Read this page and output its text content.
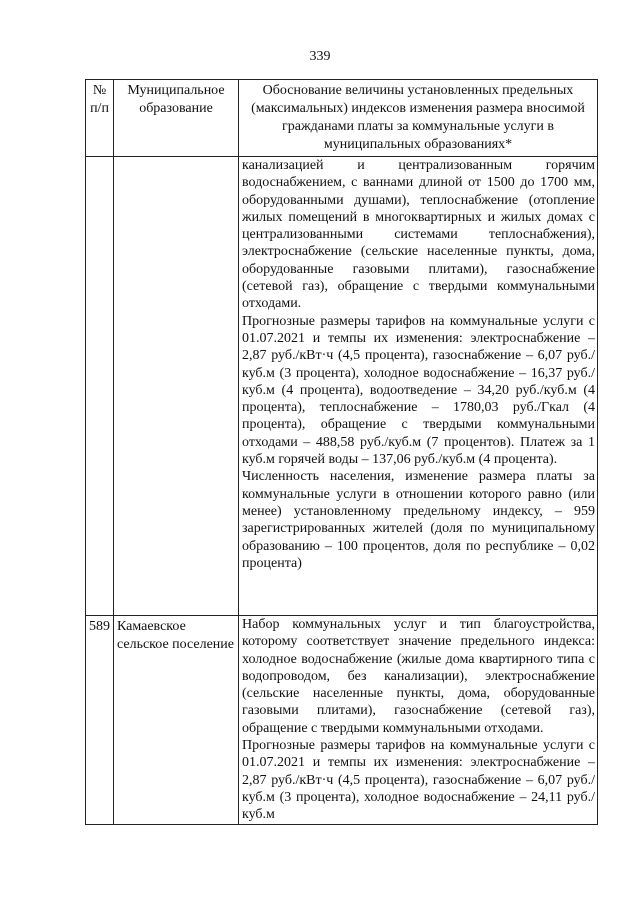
339
№ п/п	Муниципальное образование	Обоснование величины установленных предельных (максимальных) индексов изменения размера вносимой гражданами платы за коммунальные услуги в муниципальных образованиях*

		канализацией и централизованным горячим водоснабжением, с ваннами длиной от 1500 до 1700 мм, оборудованными душами), теплоснабжение (отопление жилых помещений в многоквартирных и жилых домах с централизованными системами теплоснабжения), электроснабжение (сельские населенные пункты, дома, оборудованные газовыми плитами), газоснабжение (сетевой газ), обращение с твердыми коммунальными отходами.

Прогнозные размеры тарифов на коммунальные услуги с 01.07.2021 и темпы их изменения: электроснабжение – 2,87 руб./кВт·ч (4,5 процента), газоснабжение – 6,07 руб./куб.м (3 процента), холодное водоснабжение – 16,37 руб./куб.м (4 процента), водоотведение – 34,20 руб./куб.м (4 процента), теплоснабжение – 1780,03 руб./Гкал (4 процента), обращение с твердыми коммунальными отходами – 488,58 руб./куб.м (7 процентов). Платеж за 1 куб.м горячей воды – 137,06 руб./куб.м (4 процента).

Численность населения, изменение размера платы за коммунальные услуги в отношении которого равно (или менее) установленному предельному индексу, – 959 зарегистрированных жителей (доля по муниципальному образованию – 100 процентов, доля по республике – 0,02 процента)

589	Камаевское сельское поселение	Набор коммунальных услуг и тип благоустройства, которому соответствует значение предельного индекса: холодное водоснабжение (жилые дома квартирного типа с водопроводом, без канализации), электроснабжение (сельские населенные пункты, дома, оборудованные газовыми плитами), газоснабжение (сетевой газ), обращение с твердыми коммунальными отходами.

Прогнозные размеры тарифов на коммунальные услуги с 01.07.2021 и темпы их изменения: электроснабжение – 2,87 руб./кВт·ч (4,5 процента), газоснабжение – 6,07 руб./куб.м (3 процента), холодное водоснабжение – 24,11 руб./куб.м
